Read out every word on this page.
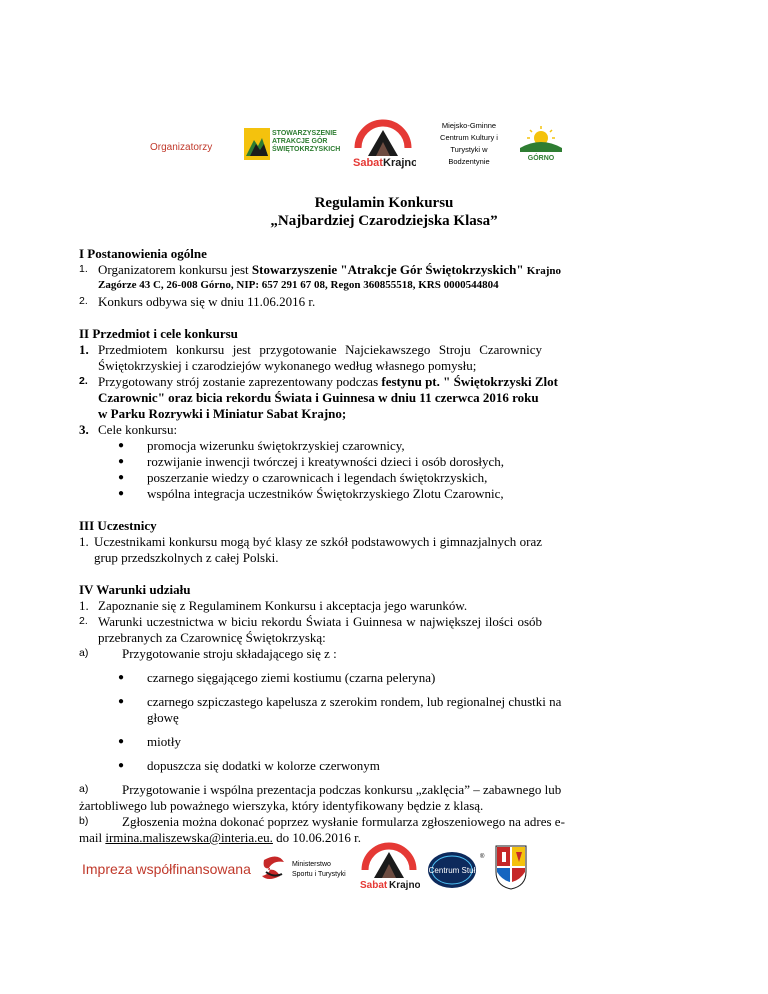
Organizatorzy
STOWARZYSZENIE
ATRAKCJE GÓR
ŚWIĘTOKRZYSKICH
Sabat Krajno
Miejsko-Gminne
Centrum Kultury i
Turystyki w
Bodzentynie	GÓRNO
Regulamin Konkursu
„Najbardziej Czarodziejska Klasa”
I Postanowienia ogólne
1. Organizatorem konkursu jest Stowarzyszenie "Atrakcje Gór Świętokrzyskich" Krajno
Zagórze 43 C, 26-008 Górno, NIP: 657 291 67 08, Regon 360855518, KRS 0000544804
2. Konkurs odbywa się w dniu 11.06.2016 r.
II Przedmiot i cele konkursu
1. Przedmiotem konkursu jest przygotowanie Najciekawszego Stroju Czarownicy
Świętokrzyskiej i czarodziejów wykonanego według własnego pomysłu;
2. Przygotowany strój zostanie zaprezentowany podczas festynu pt. " Świętokrzyski Zlot
Czarownic" oraz bicia rekordu Świata i Guinnesa w dniu 11 czerwca 2016 roku
w Parku Rozrywki i Miniatur Sabat Krajno;
3. Cele konkursu:
● promocja wizerunku świętokrzyskiej czarownicy,
● rozwijanie inwencji twórczej i kreatywności dzieci i osób dorosłych,
● poszerzanie wiedzy o czarownicach i legendach świętokrzyskich,
● wspólna integracja uczestników Świętokrzyskiego Zlotu Czarownic,
III Uczestnicy
1. Uczestnikami konkursu mogą być klasy ze szkół podstawowych i gimnazjalnych oraz
grup przedszkolnych z całej Polski.
IV Warunki udziału
1. Zapoznanie się z Regulaminem Konkursu i akceptacja jego warunków.
2. Warunki uczestnictwa w biciu rekordu Świata i Guinnesa w największej ilości osób
przebranych za Czarownicę Świętokrzyską:
a)	Przygotowanie stroju składającego się z :
● czarnego sięgającego ziemi kostiumu (czarna peleryna)
● czarnego szpiczastego kapelusza z szerokim rondem, lub regionalnej chustki na
głowę
● miotły
● dopuszcza się dodatki w kolorze czerwonym
a)	Przygotowanie i wspólna prezentacja podczas konkursu „zaklęcia” – zabawnego lub
żartobliwego lub poważnego wierszyka, który identyfikowany będzie z klasą.
b)	Zgłoszenia można dokonać poprzez wysłanie formularza zgłoszeniowego na adres e-
mail irmina.maliszewska@interia.eu. do 10.06.2016 r.
Impreza współfinansowana	Ministerstwo
Sportu i Turystyki
Sabat Krajno
Centrum Stuł
®
